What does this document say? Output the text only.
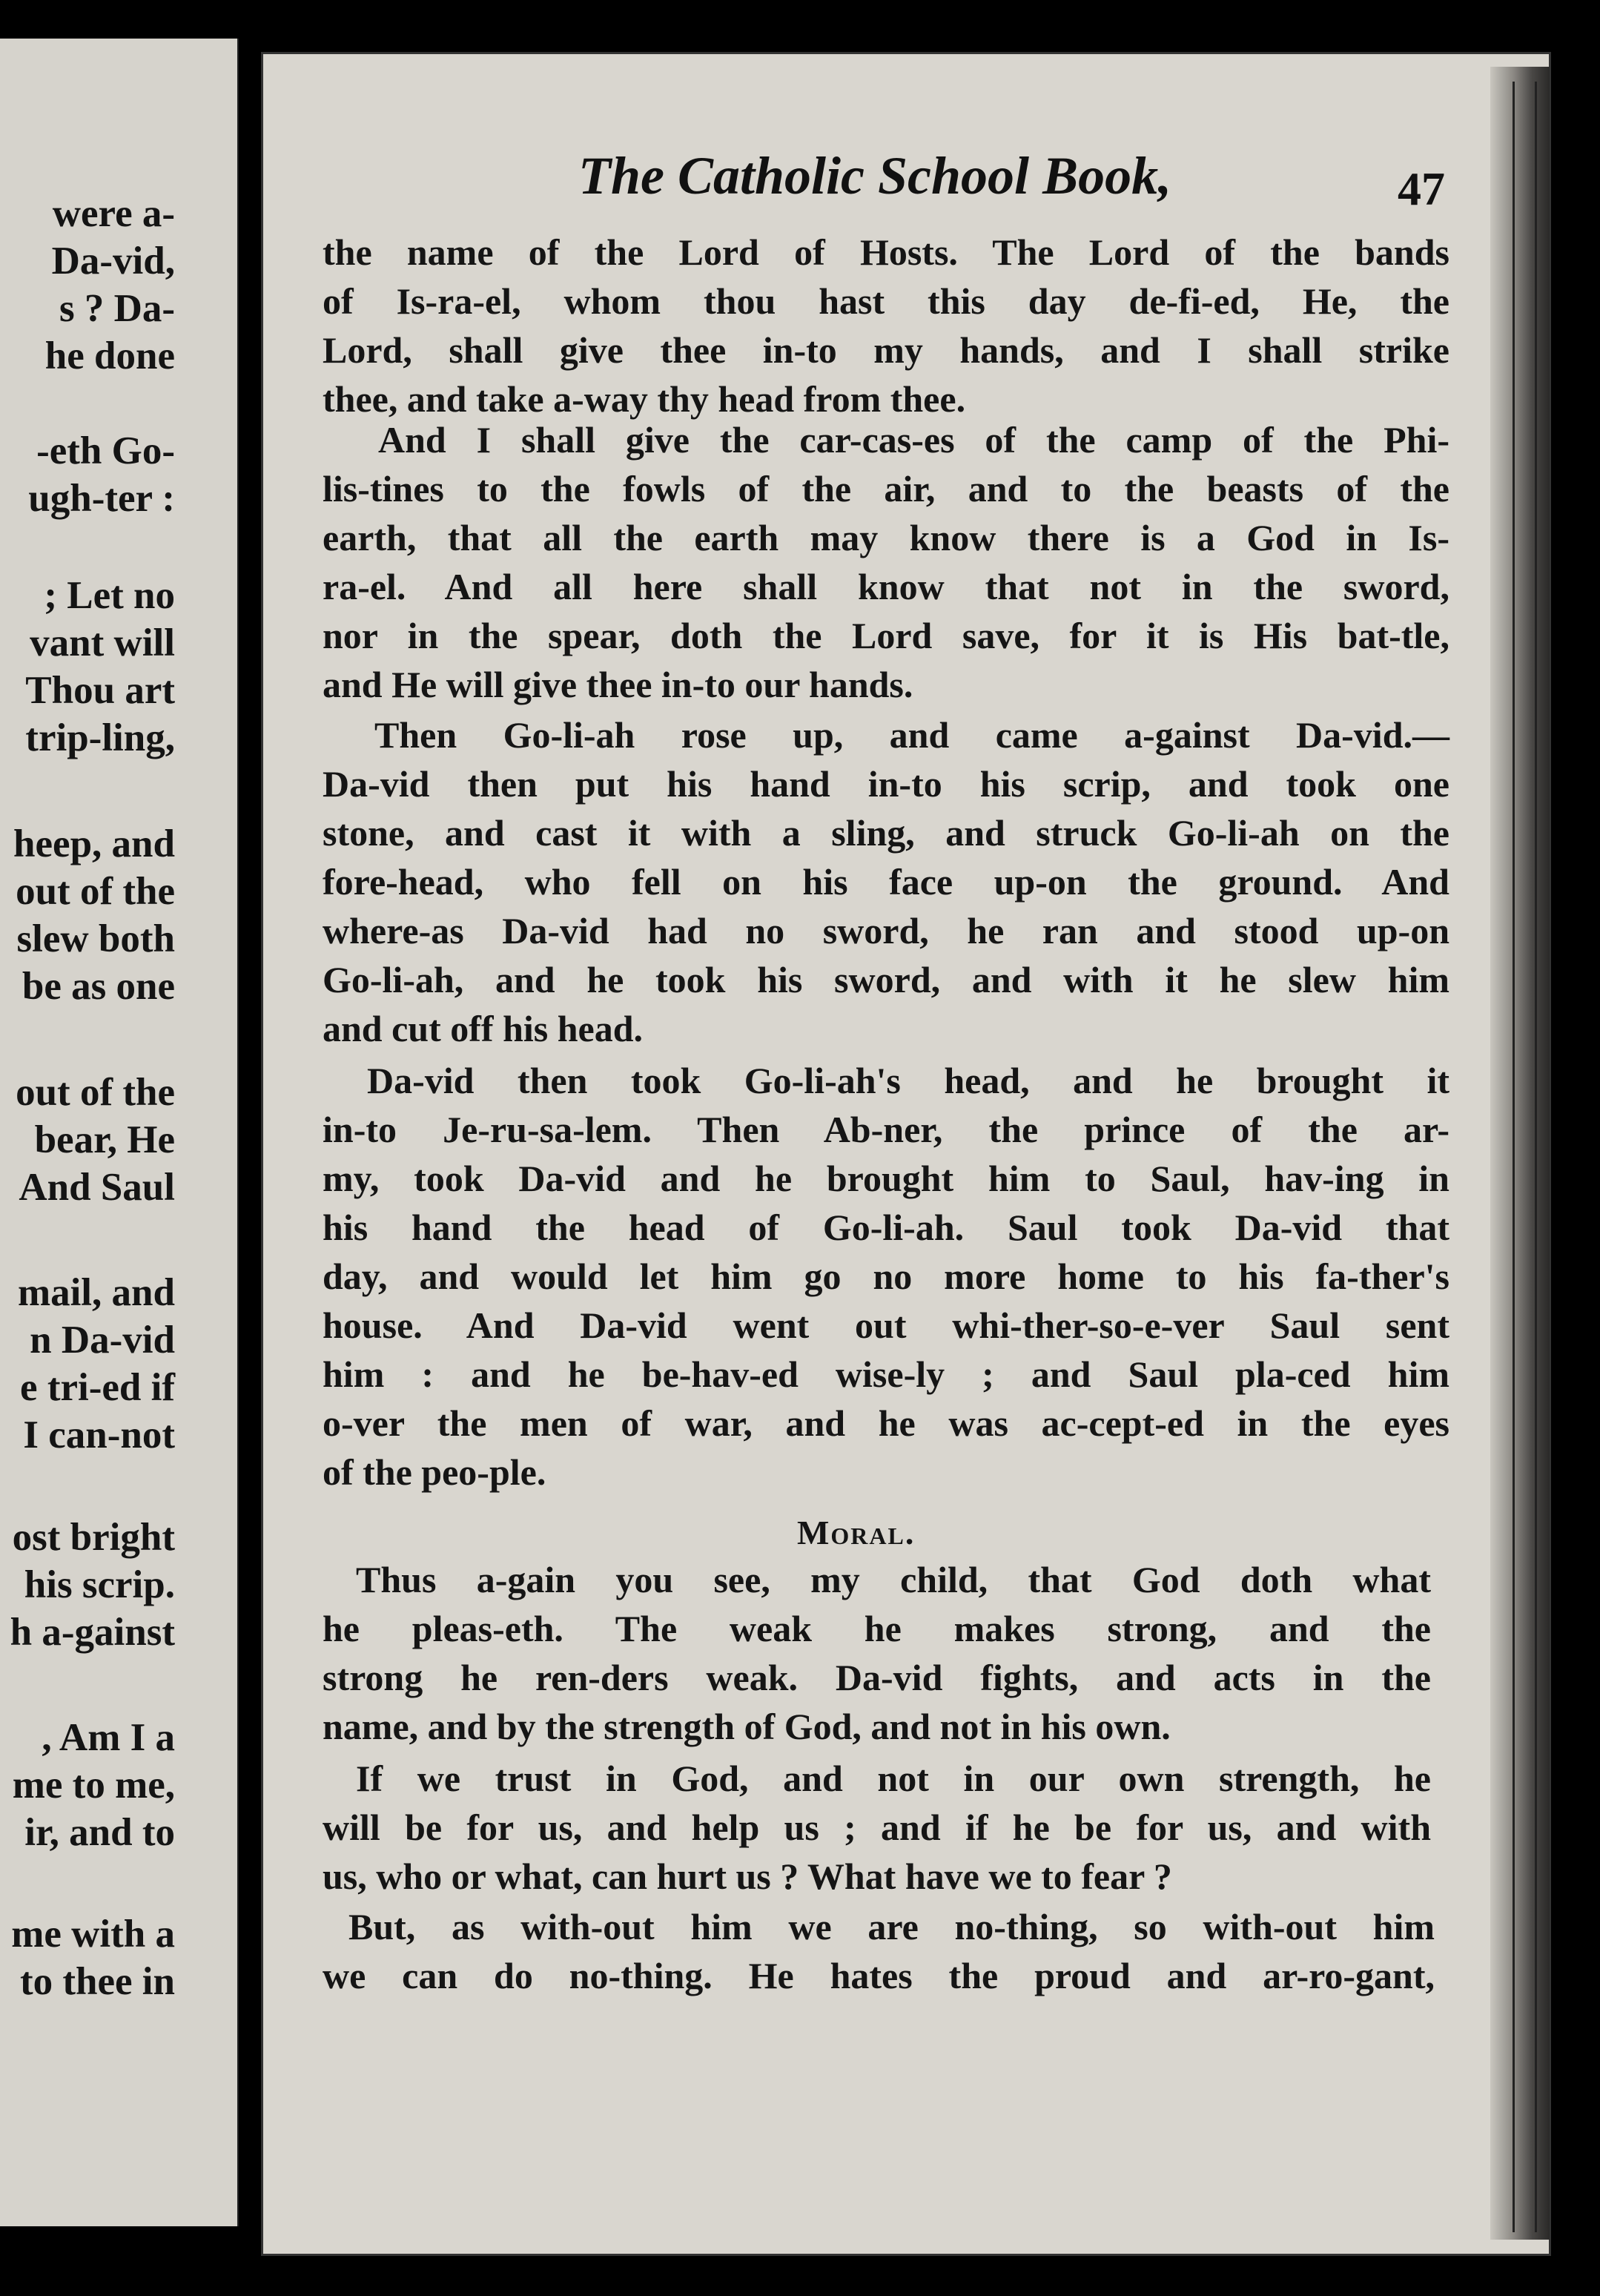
were a-
Da-vid,
s ? Da-
he done
-eth Go-
ugh-ter :
; Let no
vant will
Thou art
trip-ling,
heep, and
out of the
slew both
be as one
out of the
bear, He
And Saul
mail, and
n Da-vid
e tri-ed if
I can-not
ost bright
his scrip.
h a-gainst
, Am I a
me to me,
ir, and to
me with a
to thee in
The Catholic School Book,	47
the name of the Lord of Hosts. The Lord of the bands
of Is-ra-el, whom thou hast this day de-fi-ed, He, the
Lord, shall give thee in-to my hands, and I shall strike
thee, and take a-way thy head from thee.
And I shall give the car-cas-es of the camp of the Phi-
lis-tines to the fowls of the air, and to the beasts of the
earth, that all the earth may know there is a God in Is-
ra-el. And all here shall know that not in the sword,
nor in the spear, doth the Lord save, for it is His bat-tle,
and He will give thee in-to our hands.
Then Go-li-ah rose up, and came a-gainst Da-vid.—
Da-vid then put his hand in-to his scrip, and took one
stone, and cast it with a sling, and struck Go-li-ah on the
fore-head, who fell on his face up-on the ground. And
where-as Da-vid had no sword, he ran and stood up-on
Go-li-ah, and he took his sword, and with it he slew him
and cut off his head.
Da-vid then took Go-li-ah's head, and he brought it
in-to Je-ru-sa-lem. Then Ab-ner, the prince of the ar-
my, took Da-vid and he brought him to Saul, hav-ing in
his hand the head of Go-li-ah. Saul took Da-vid that
day, and would let him go no more home to his fa-ther's
house. And Da-vid went out whi-ther-so-e-ver Saul sent
him : and he be-hav-ed wise-ly ; and Saul pla-ced him
o-ver the men of war, and he was ac-cept-ed in the eyes
of the peo-ple.
Moral.
Thus a-gain you see, my child, that God doth what
he pleas-eth. The weak he makes strong, and the
strong he ren-ders weak. Da-vid fights, and acts in the
name, and by the strength of God, and not in his own.
If we trust in God, and not in our own strength, he
will be for us, and help us ; and if he be for us, and with
us, who or what, can hurt us ? What have we to fear ?
But, as with-out him we are no-thing, so with-out him
we can do no-thing. He hates the proud and ar-ro-gant,
